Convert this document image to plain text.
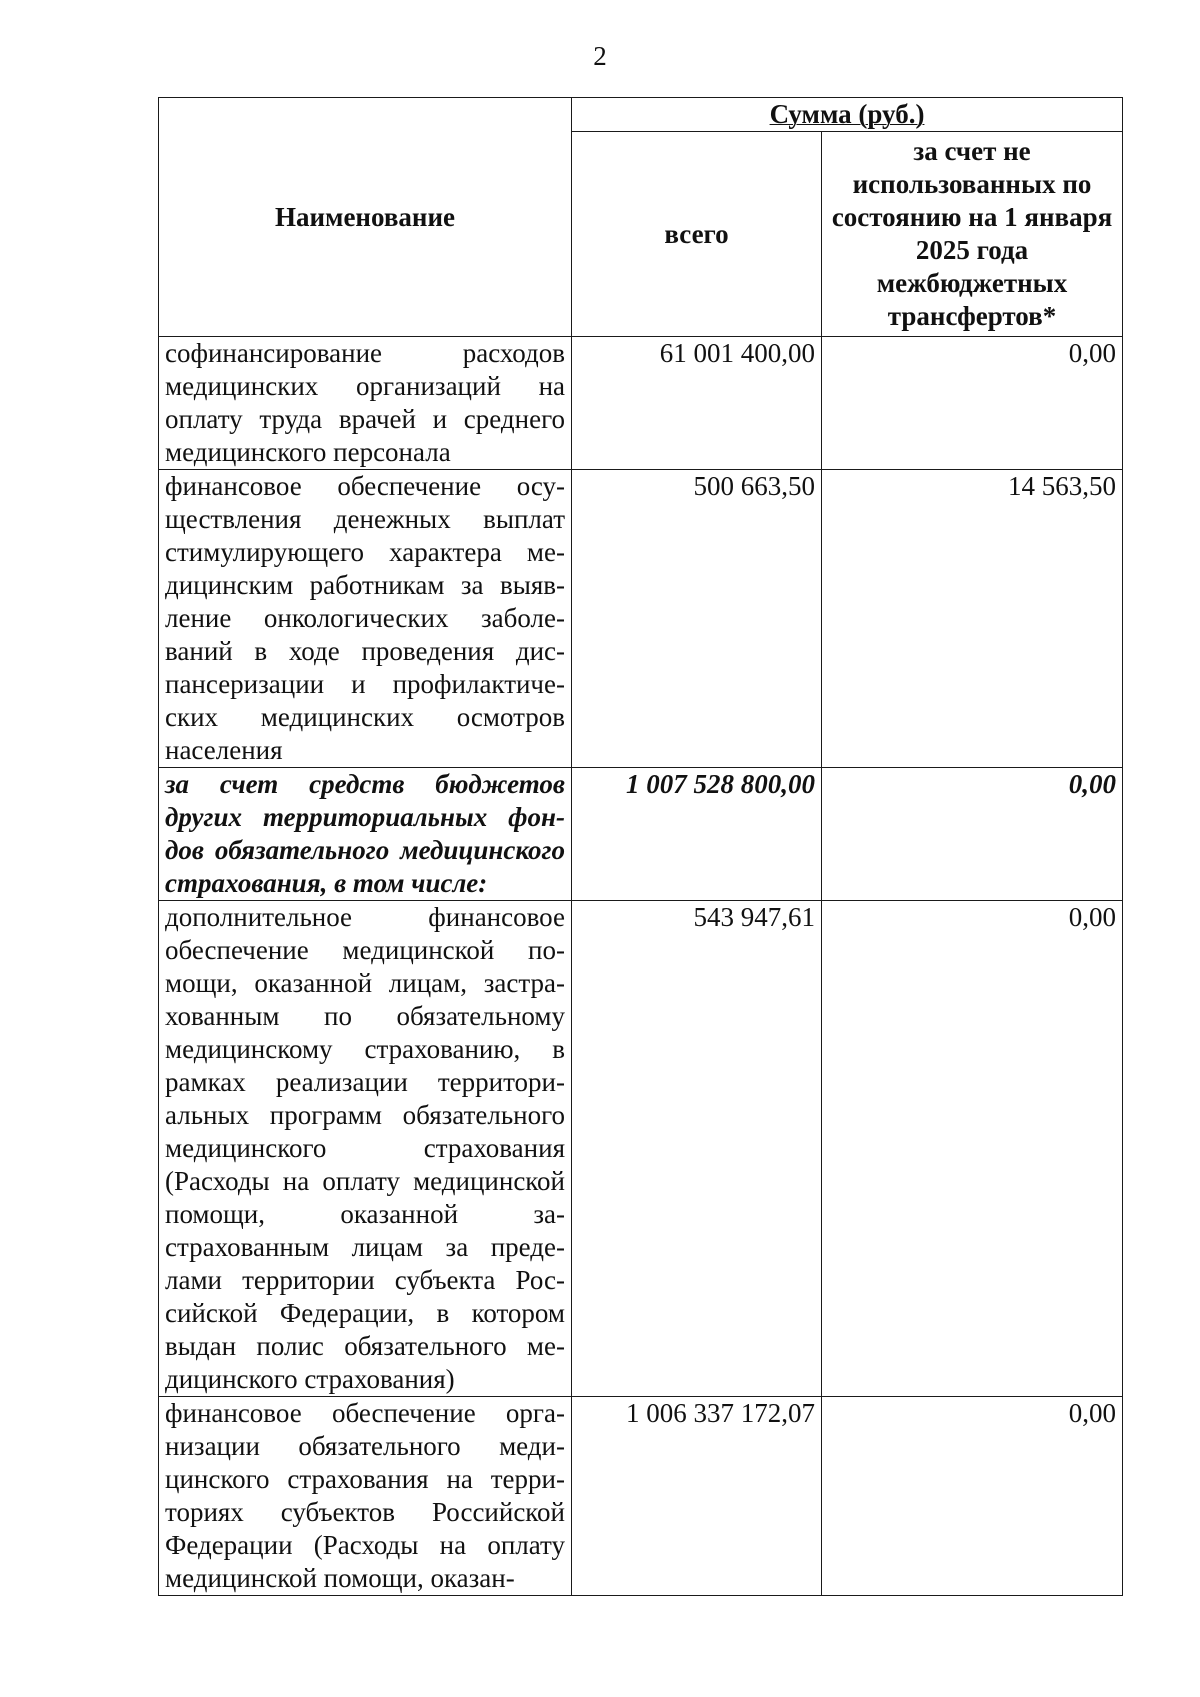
2
Наименование	Сумма (руб.)	
	всего	за счет не использованных по состоянию на 1 января 2025 года межбюджетных трансфертов*
софинансирование расходов медицинских организаций на оплату труда врачей и среднего медицинского персонала	61 001 400,00	0,00
финансовое обеспечение осуществления денежных выплат стимулирующего характера медицинским работникам за выявление онкологических заболеваний в ходе проведения диспансеризации и профилактических медицинских осмотров населения	500 663,50	14 563,50
за счет средств бюджетов других территориальных фондов обязательного медицинского страхования, в том числе:	1 007 528 800,00	0,00
дополнительное финансовое обеспечение медицинской помощи, оказанной лицам, застрахованным по обязательному медицинскому страхованию, в рамках реализации территориальных программ обязательного медицинского страхования (Расходы на оплату медицинской помощи, оказанной застрахованным лицам за пределами территории субъекта Российской Федерации, в котором выдан полис обязательного медицинского страхования)	543 947,61	0,00
финансовое обеспечение организации обязательного медицинского страхования на территориях субъектов Российской Федерации (Расходы на оплату медицинской помощи, оказан-	1 006 337 172,07	0,00
